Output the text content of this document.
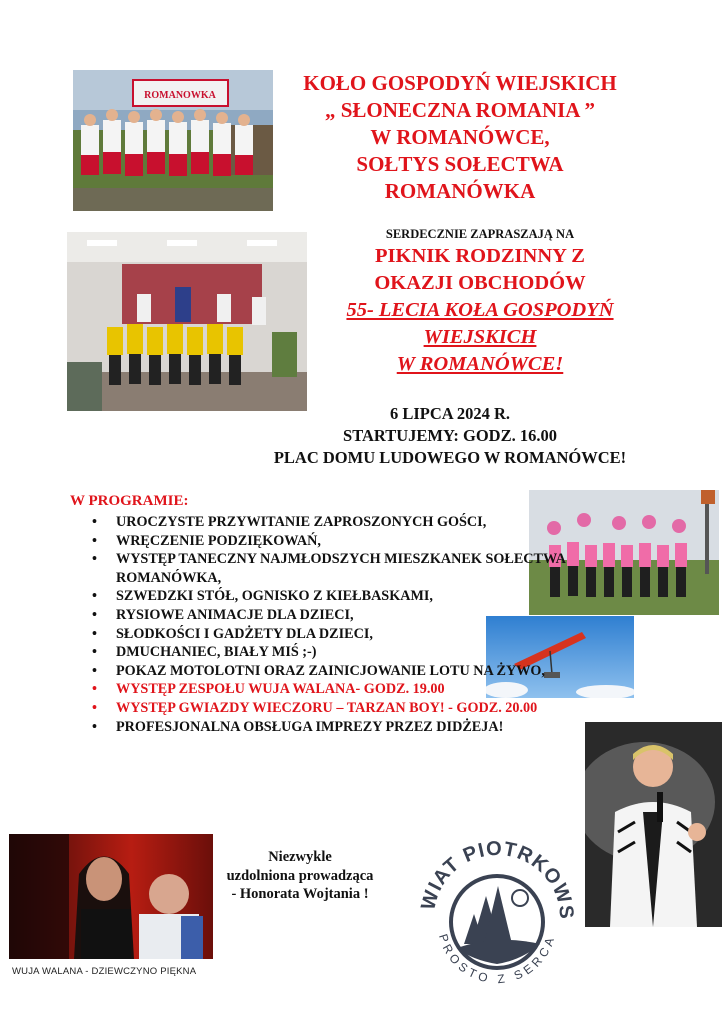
ROMANOWKA
KOŁO GOSPODYŃ WIEJSKICH
„ SŁONECZNA ROMANIA ”
W ROMANÓWCE,
SOŁTYS SOŁECTWA
ROMANÓWKA
SERDECZNIE ZAPRASZAJĄ NA
PIKNIK RODZINNY Z
OKAZJI OBCHODÓW
55- LECIA KOŁA GOSPODYŃ
WIEJSKICH
W ROMANÓWCE!
6 LIPCA 2024 R.
STARTUJEMY: GODZ. 16.00
PLAC DOMU LUDOWEGO W ROMANÓWCE!
W PROGRAMIE:
• UROCZYSTE PRZYWITANIE ZAPROSZONYCH GOŚCI,
• WRĘCZENIE PODZIĘKOWAŃ,
• WYSTĘP TANECZNY NAJMŁODSZYCH MIESZKANEK SOŁECTWA ROMANÓWKA,
• SZWEDZKI STÓŁ, OGNISKO Z KIEŁBASKAMI,
• RYSIOWE ANIMACJE DLA DZIECI,
• SŁODKOŚCI I GADŻETY DLA DZIECI,
• DMUCHANIEC, BIAŁY MIŚ ;-)
• POKAZ MOTOLOTNI ORAZ ZAINICJOWANIE LOTU NA ŻYWO,
• WYSTĘP ZESPOŁU WUJA WALANA- GODZ. 19.00
• WYSTĘP GWIAZDY WIECZORU – TARZAN BOY! - GODZ. 20.00
• PROFESJONALNA OBSŁUGA IMPREZY PRZEZ DIDŻEJA!
WUJA WALANA - DZIEWCZYNO PIĘKNA
Niezwykle
uzdolniona prowadząca
- Honorata Wojtania !	WIAT PIOTRKOWS
PROSTO Z SERCA
